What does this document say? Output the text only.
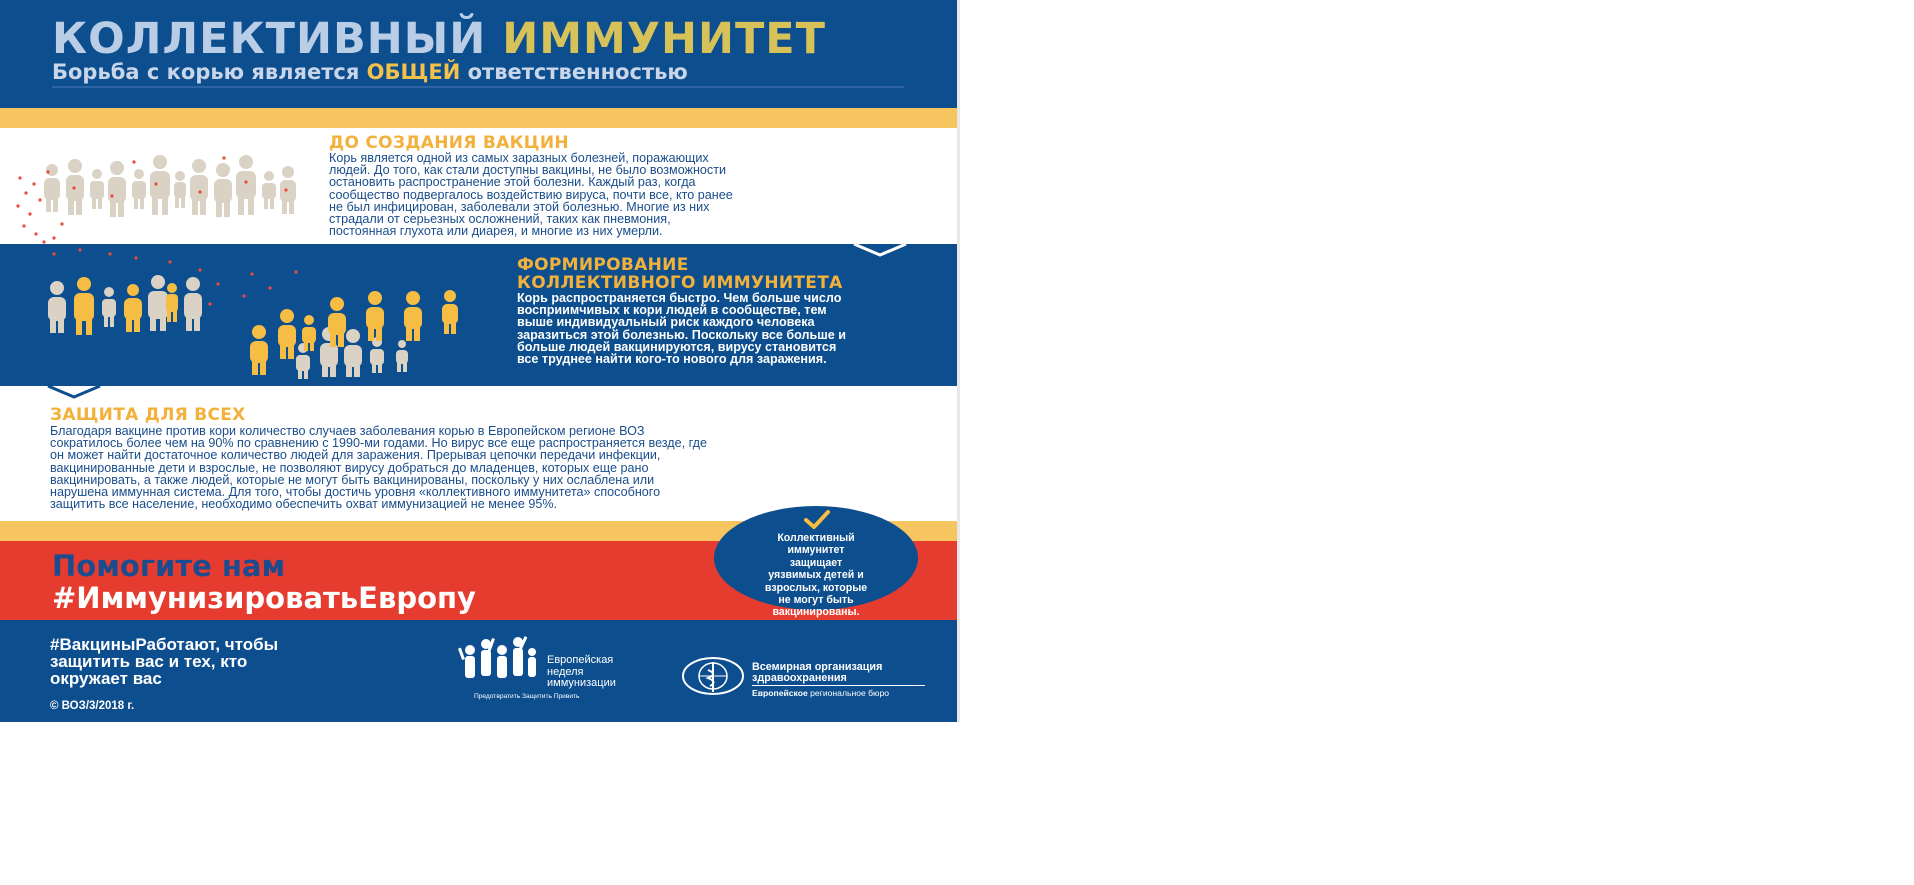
КОЛЛЕКТИВНЫЙ ИММУНИТЕТ
Борьба с корью является ОБЩЕЙ ответственностью
ДО СОЗДАНИЯ ВАКЦИН
Корь является одной из самых заразных болезней, поражающих
людей. До того, как стали доступны вакцины, не было возможности
остановить распространение этой болезни. Каждый раз, когда
сообщество подвергалось воздействию вируса, почти все, кто ранее
не был инфицирован, заболевали этой болезнью. Многие из них
страдали от серьезных осложнений, таких как пневмония,
постоянная глухота или диарея, и многие из них умерли.
ФОРМИРОВАНИЕ
КОЛЛЕКТИВНОГО ИММУНИТЕТА
Корь распространяется быстро. Чем больше число
восприимчивых к кори людей в сообществе, тем
выше индивидуальный риск каждого человека
заразиться этой болезнью. Поскольку все больше и
больше людей вакцинируются, вирусу становится
все труднее найти кого-то нового для заражения.
ЗАЩИТА ДЛЯ ВСЕХ
Благодаря вакцине против кори количество случаев заболевания корью в Европейском регионе ВОЗ
сократилось более чем на 90% по сравнению с 1990-ми годами. Но вирус все еще распространяется везде, где
он может найти достаточное количество людей для заражения. Прерывая цепочки передачи инфекции,
вакцинированные дети и взрослые, не позволяют вирусу добраться до младенцев, которых еще рано
вакцинировать, а также людей, которые не могут быть вакцинированы, поскольку у них ослаблена или
нарушена иммунная система. Для того, чтобы достичь уровня «коллективного иммунитета» способного
защитить все население, необходимо обеспечить охват иммунизацией не менее 95%.
Помогите нам
#ИммунизироватьЕвропу
Коллективный
иммунитет
защищает
уязвимых детей и
взрослых, которые
не могут быть
вакцинированы.
#ВакциныРаботают, чтобы
защитить вас и тех, кто
окружает вас
© ВОЗ/3/2018 г.
Европейская
неделя
иммунизации
Предотвратить Защитить Привить
Всемирная организация
здравоохранения
Европейское региональное бюро
